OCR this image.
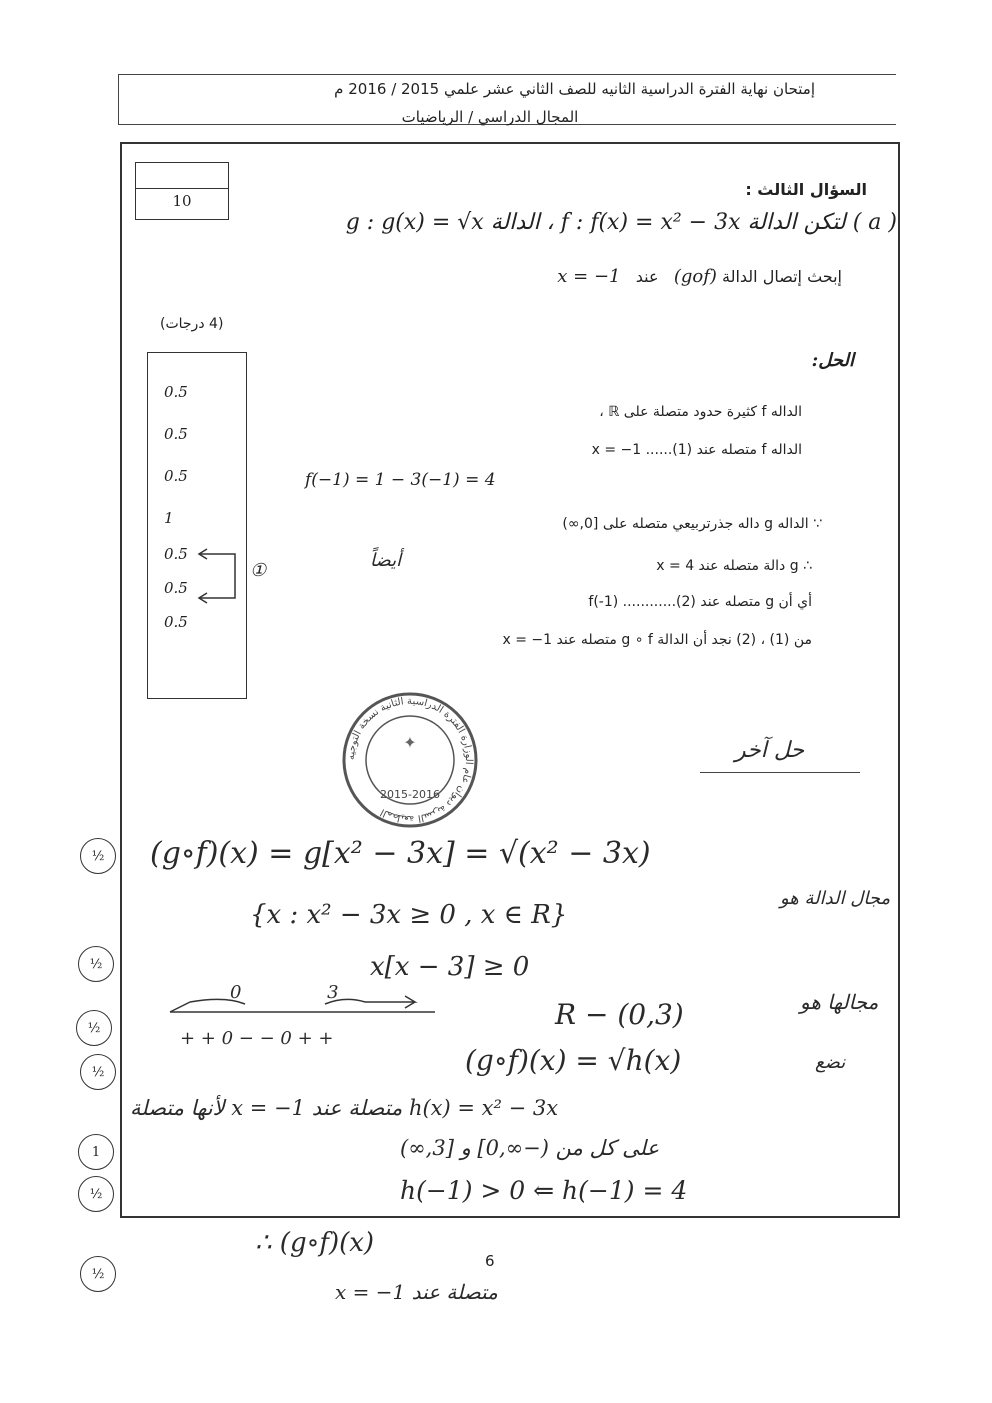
إمتحان نهاية الفترة الدراسية الثانيه للصف الثاني عشر علمي 2015 / 2016 م
المجال الدراسي / الرياضيات
10
السؤال الثالث :
( a ) لتكن الدالة f : f(x) = x² − 3x ، الدالة g : g(x) = √x
إبحث إتصال الدالة (gof)   عند   x = −1
(4 درجات)
الحل:
0.5
0.5
0.5
1
0.5
0.5
0.5
①
الداله f كثيرة حدود متصلة على ℝ ،
الداله f متصله عند x = −1 ......(1)
f(−1) = 1 − 3(−1) = 4
∵ الداله g داله جذرتربيعي متصله على [0,∞)
∴ g دالة متصله عند x = 4
أيضاً
أي أن g متصله عند f(-1) ............(2)
من (1) ، (2) نجد أن الدالة g ∘ f متصله عند x = −1
المطبعة السرية ديوان عام الوزارة الفترة الدراسية الثانية نسخة التوجيه
✦
2015-2016
حل آخر
(g∘f)(x) = g[x² − 3x] = √(x² − 3x)
{x : x² − 3x ≥ 0 , x ∈ R}
مجال الدالة هو
x[x − 3] ≥ 0
0 3
+ + 0 − − 0 + +
R − (0,3)	مجالها هو
(g∘f)(x) = √h(x)	نضع
h(x) = x² − 3x متصلة عند x = −1 لأنها متصلة
على كل من (−∞,0] و [3,∞)
h(−1) > 0 ⇐ h(−1) = 4
½
½
½
½
1
½
½
∴ (g∘f)(x)
6
متصلة عند x = −1
